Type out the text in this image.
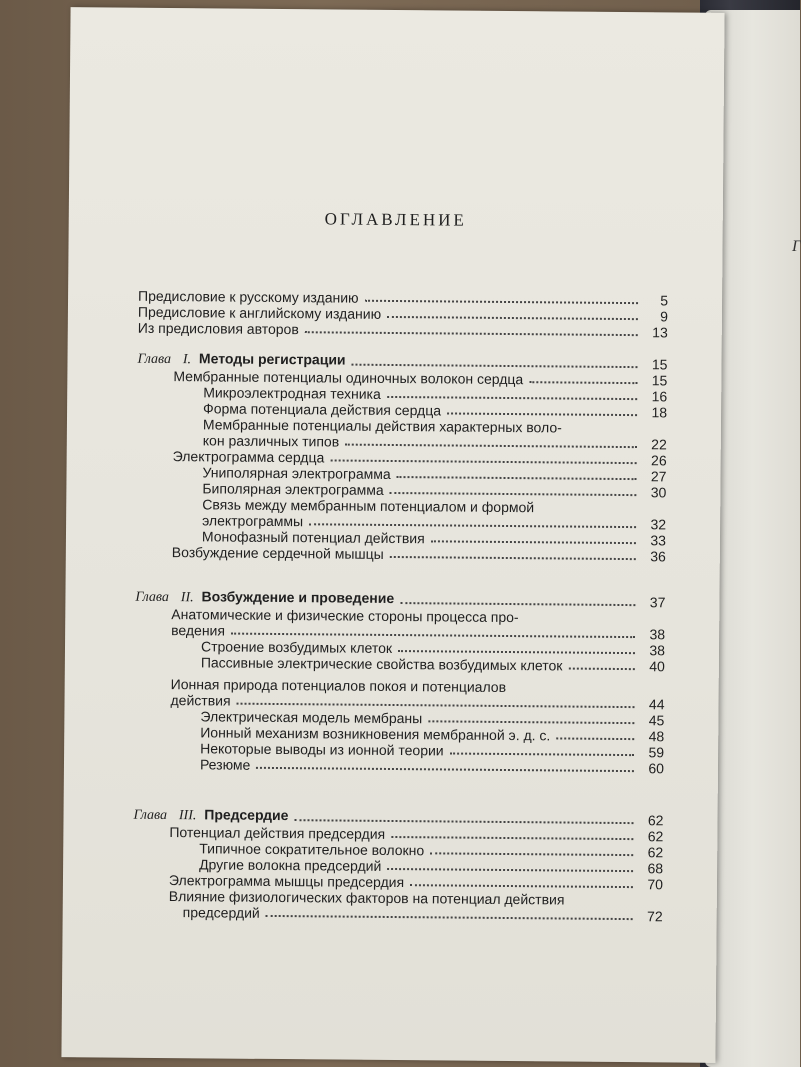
Г
ОГЛАВЛЕНИЕ
Предисловие к русскому изданию	5
Предисловие к английскому изданию	9
Из предисловия авторов	13
Глава I. Методы регистрации	15
Мембранные потенциалы одиночных волокон сердца	15
Микроэлектродная техника	16
Форма потенциала действия сердца	18
Мембранные потенциалы действия характерных воло-
кон различных типов	22
Электрограмма сердца	26
Униполярная электрограмма	27
Биполярная электрограмма	30
Связь между мембранным потенциалом и формой
электрограммы	32
Монофазный потенциал действия	33
Возбуждение сердечной мышцы	36
Глава II. Возбуждение и проведение	37
Анатомические и физические стороны процесса про-
ведения	38
Строение возбудимых клеток	38
Пассивные электрические свойства возбудимых клеток	40
Ионная природа потенциалов покоя и потенциалов
действия	44
Электрическая модель мембраны	45
Ионный механизм возникновения мембранной э. д. с.	48
Некоторые выводы из ионной теории	59
Резюме	60
Глава III. Предсердие	62
Потенциал действия предсердия	62
Типичное сократительное волокно	62
Другие волокна предсердий	68
Электрограмма мышцы предсердия	70
Влияние физиологических факторов на потенциал действия
предсердий	72
